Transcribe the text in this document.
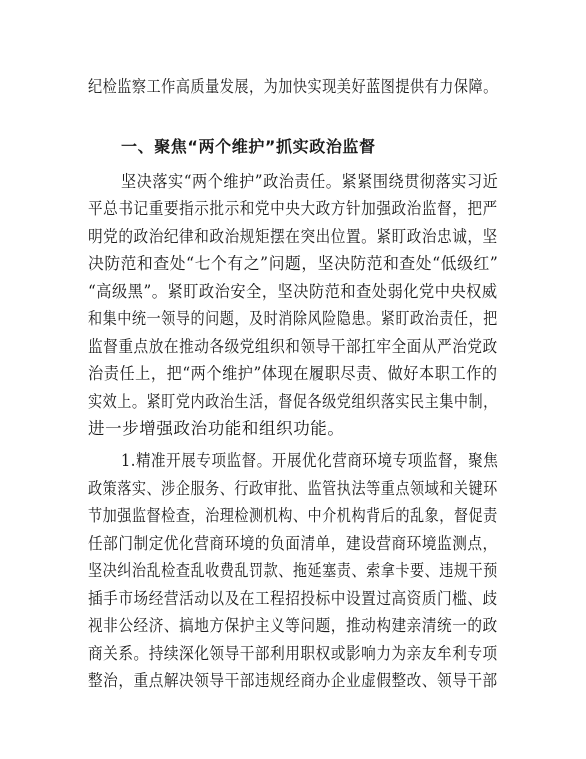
纪检监察工作高质量发展，为加快实现美好蓝图提供有力保障。
一、聚焦“两个维护”抓实政治监督
坚决落实“两个维护”政治责任。紧紧围绕贯彻落实习近
平总书记重要指示批示和党中央大政方针加强政治监督，把严
明党的政治纪律和政治规矩摆在突出位置。紧盯政治忠诚，坚
决防范和查处“七个有之”问题，坚决防范和查处“低级红”
“高级黑”。紧盯政治安全，坚决防范和查处弱化党中央权威
和集中统一领导的问题，及时消除风险隐患。紧盯政治责任，把
监督重点放在推动各级党组织和领导干部扛牢全面从严治党政
治责任上，把“两个维护”体现在履职尽责、做好本职工作的
实效上。紧盯党内政治生活，督促各级党组织落实民主集中制，
进一步增强政治功能和组织功能。
1.精准开展专项监督。开展优化营商环境专项监督，聚焦
政策落实、涉企服务、行政审批、监管执法等重点领域和关键环
节加强监督检查，治理检测机构、中介机构背后的乱象，督促责
任部门制定优化营商环境的负面清单，建设营商环境监测点，
坚决纠治乱检查乱收费乱罚款、拖延塞责、索拿卡要、违规干预
插手市场经营活动以及在工程招投标中设置过高资质门槛、歧
视非公经济、搞地方保护主义等问题，推动构建亲清统一的政
商关系。持续深化领导干部利用职权或影响力为亲友牟利专项
整治，重点解决领导干部违规经商办企业虚假整改、领导干部
